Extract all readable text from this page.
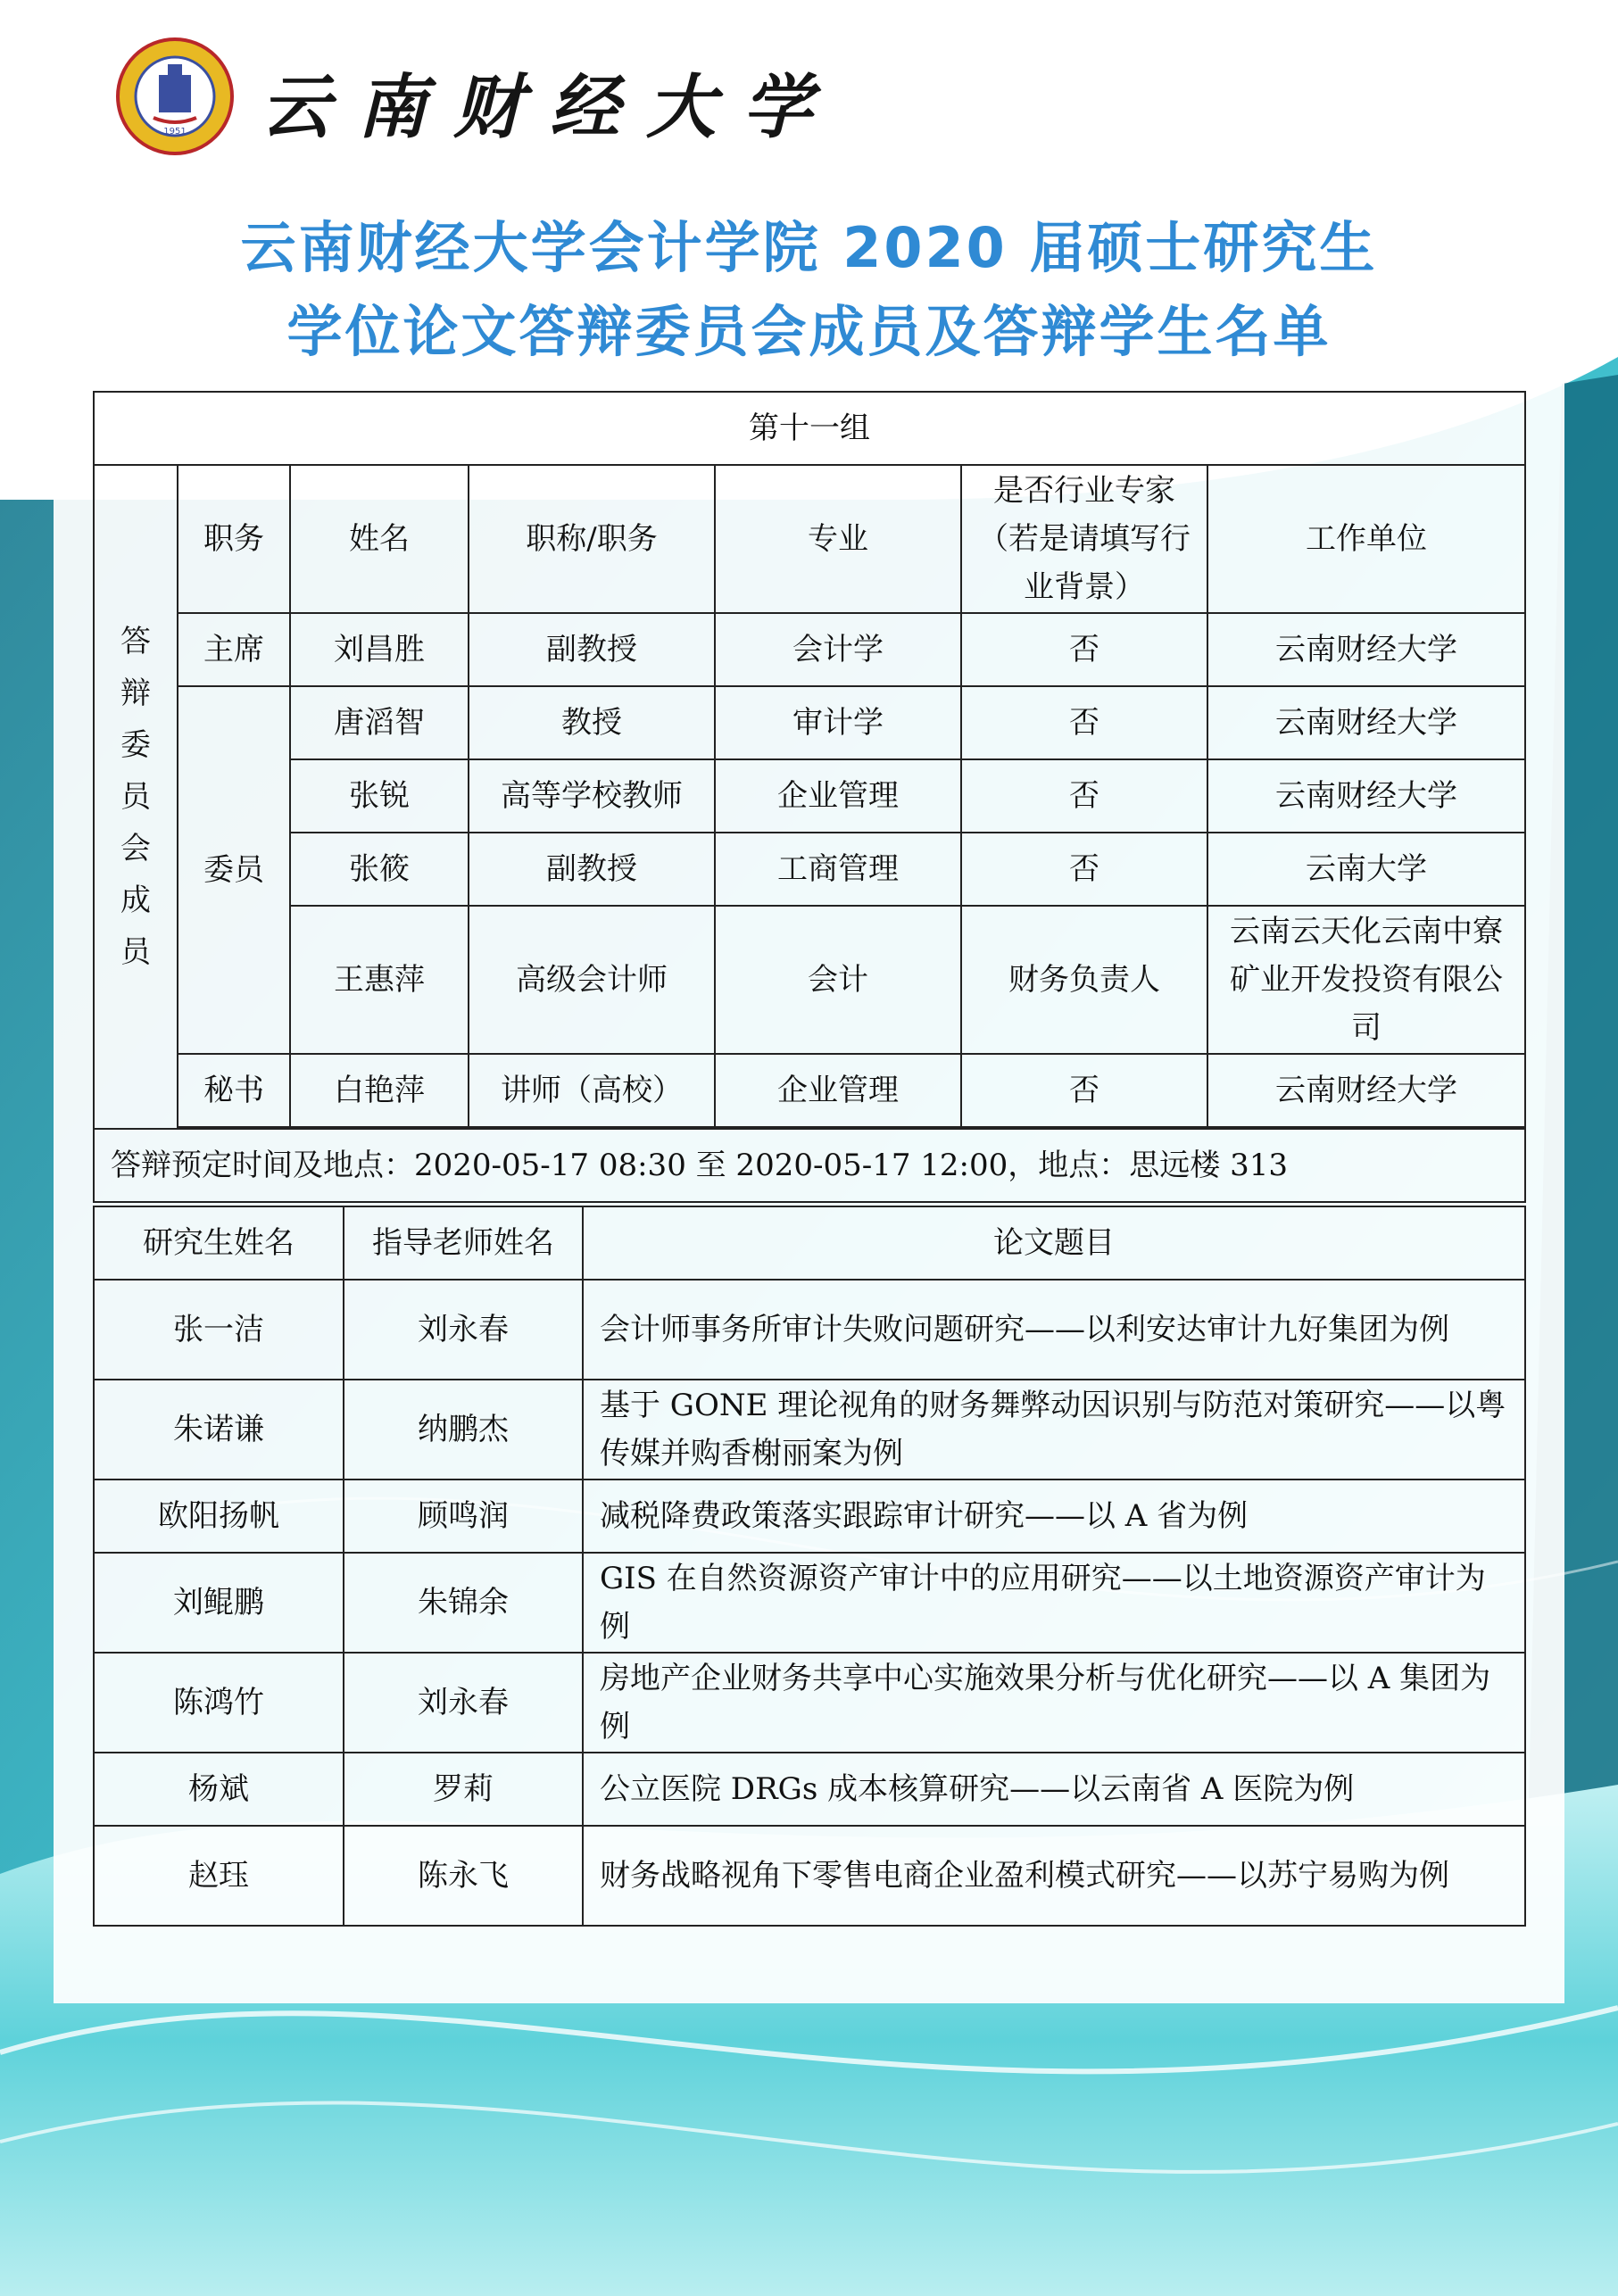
1951 云南财经大学
云南财经大学会计学院 2020 届硕士研究生
学位论文答辩委员会成员及答辩学生名单
第十一组						

答辩委员会成员	职务	姓名	职称/职务	专业	是否行业专家（若是请填写行业背景）	工作单位
	主席	刘昌胜	副教授	会计学	否	云南财经大学
	委员	唐滔智	教授	审计学	否	云南财经大学
		张锐	高等学校教师	企业管理	否	云南财经大学
		张筱	副教授	工商管理	否	云南大学
		王惠萍	高级会计师	会计	财务负责人	云南云天化云南中寮矿业开发投资有限公司
	秘书	白艳萍	讲师（高校）	企业管理	否	云南财经大学

答辩预定时间及地点：2020-05-17 08:30 至 2020-05-17 12:00，地点：思远楼 313						
研究生姓名	指导老师姓名	论文题目
张一洁	刘永春	会计师事务所审计失败问题研究——以利安达审计九好集团为例
朱诺谦	纳鹏杰	基于 GONE 理论视角的财务舞弊动因识别与防范对策研究——以粤传媒并购香榭丽案为例
欧阳扬帆	顾鸣润	减税降费政策落实跟踪审计研究——以 A 省为例
刘鲲鹏	朱锦余	GIS 在自然资源资产审计中的应用研究——以土地资源资产审计为例
陈鸿竹	刘永春	房地产企业财务共享中心实施效果分析与优化研究——以 A 集团为例
杨斌	罗莉	公立医院 DRGs 成本核算研究——以云南省 A 医院为例
赵珏	陈永飞	财务战略视角下零售电商企业盈利模式研究——以苏宁易购为例
